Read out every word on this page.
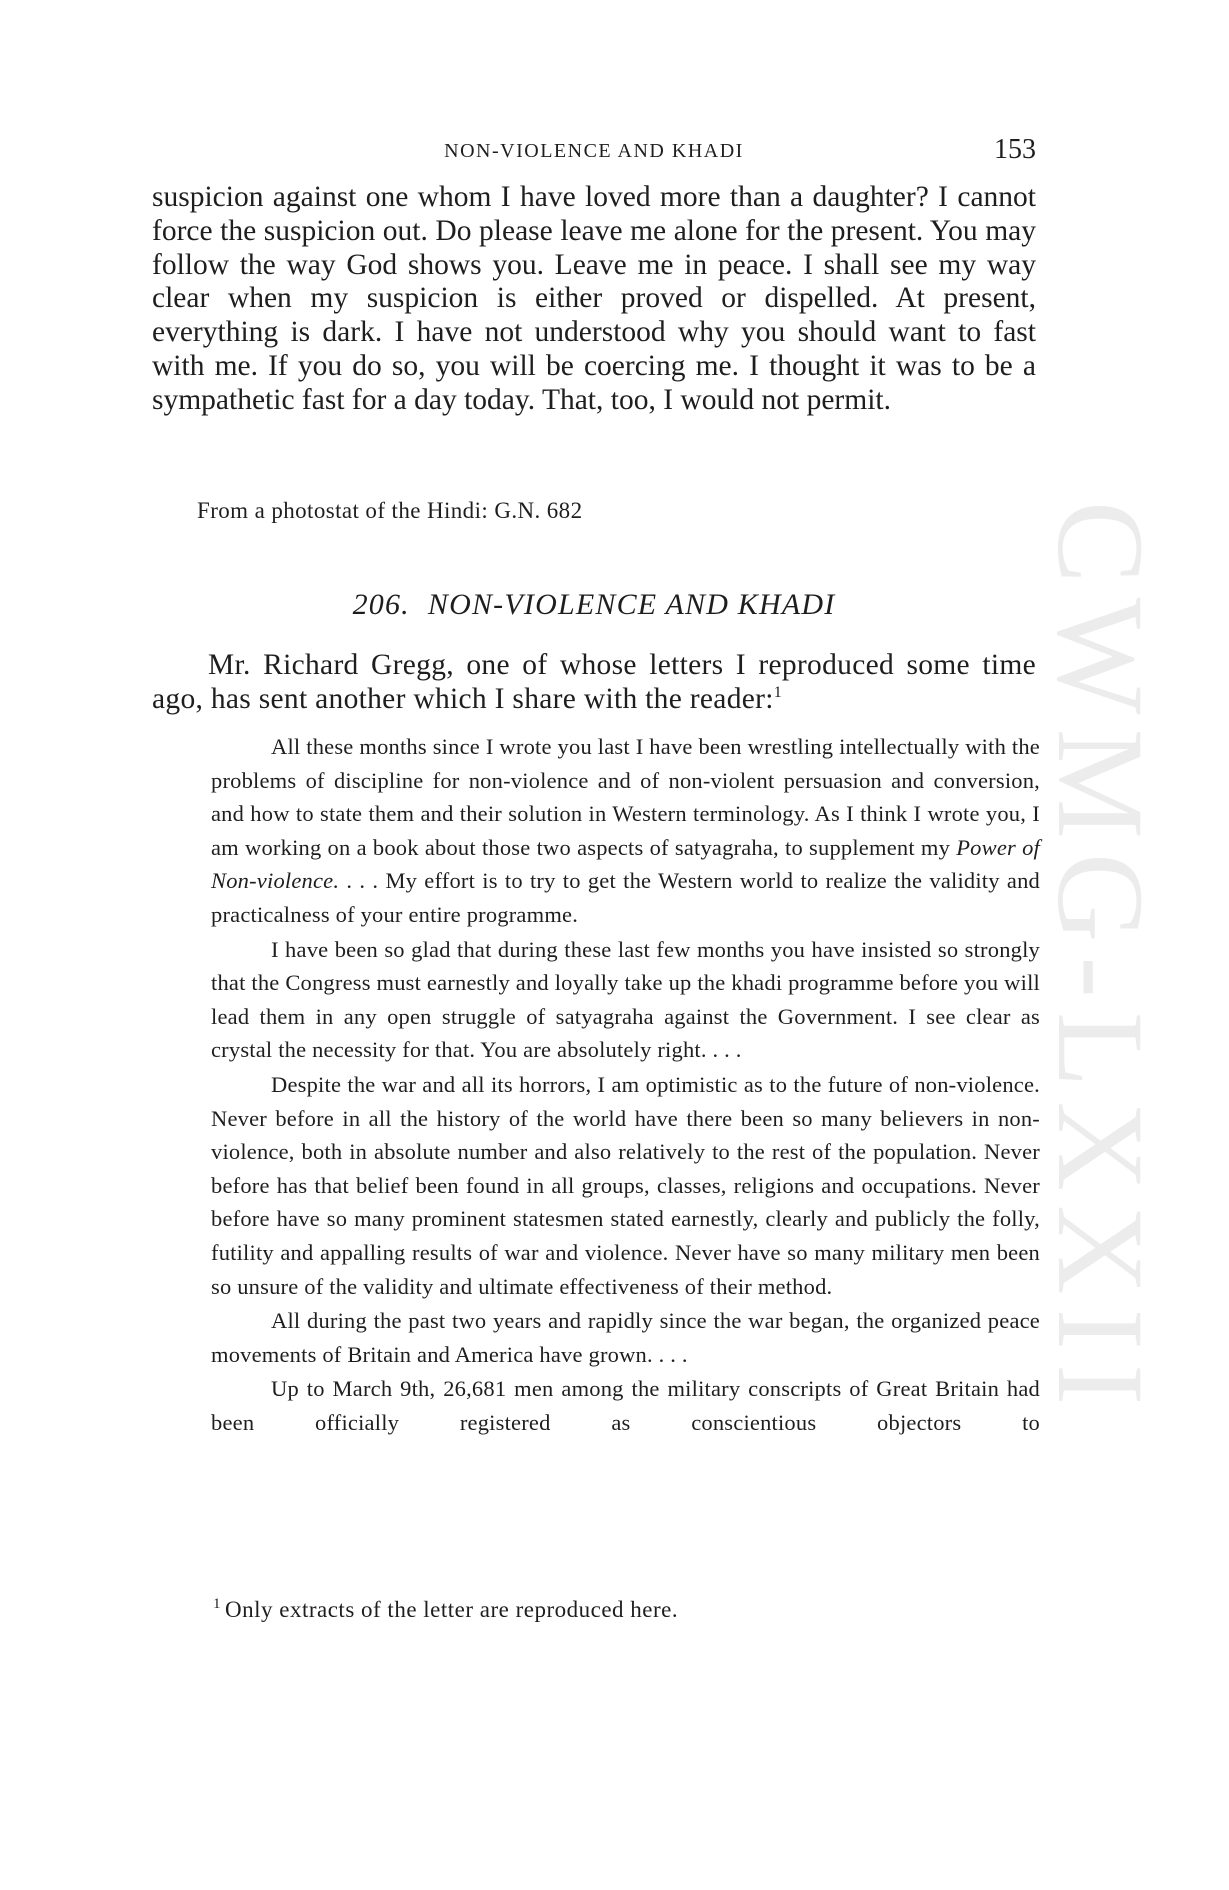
NON-VIOLENCE AND KHADI	153

suspicion against one whom I have loved more than a daughter? I cannot force the suspicion out. Do please leave me alone for the present. You may follow the way God shows you. Leave me in peace. I shall see my way clear when my suspicion is either proved or dispelled. At present, everything is dark. I have not understood why you should want to fast with me. If you do so, you will be coercing me. I thought it was to be a sympathetic fast for a day today. That, too, I would not permit.

From a photostat of the Hindi: G.N. 682
206. NON-VIOLENCE AND KHADI

Mr. Richard Gregg, one of whose letters I reproduced some time ago, has sent another which I share with the reader:$^1$

All these months since I wrote you last I have been wrestling intellectually with the problems of discipline for non-violence and of non-violent persuasion and conversion, and how to state them and their solution in Western terminology. As I think I wrote you, I am working on a book about those two aspects of satyagraha, to supplement my Power of Non-violence. . . . My effort is to try to get the Western world to realize the validity and practicalness of your entire programme.

I have been so glad that during these last few months you have insisted so strongly that the Congress must earnestly and loyally take up the khadi programme before you will lead them in any open struggle of satyagraha against the Government. I see clear as crystal the necessity for that. You are absolutely right. . . .

Despite the war and all its horrors, I am optimistic as to the future of non-violence. Never before in all the history of the world have there been so many believers in non-violence, both in absolute number and also relatively to the rest of the population. Never before has that belief been found in all groups, classes, religions and occupations. Never before have so many prominent statesmen stated earnestly, clearly and publicly the folly, futility and appalling results of war and violence. Never have so many military men been so unsure of the validity and ultimate effectiveness of their method.

All during the past two years and rapidly since the war began, the organized peace movements of Britain and America have grown. . . .

Up to March 9th, 26,681 men among the military conscripts of Great Britain had been officially registered as conscientious objectors to

$^1$ Only extracts of the letter are reproduced here.
CWMG-LXXII
